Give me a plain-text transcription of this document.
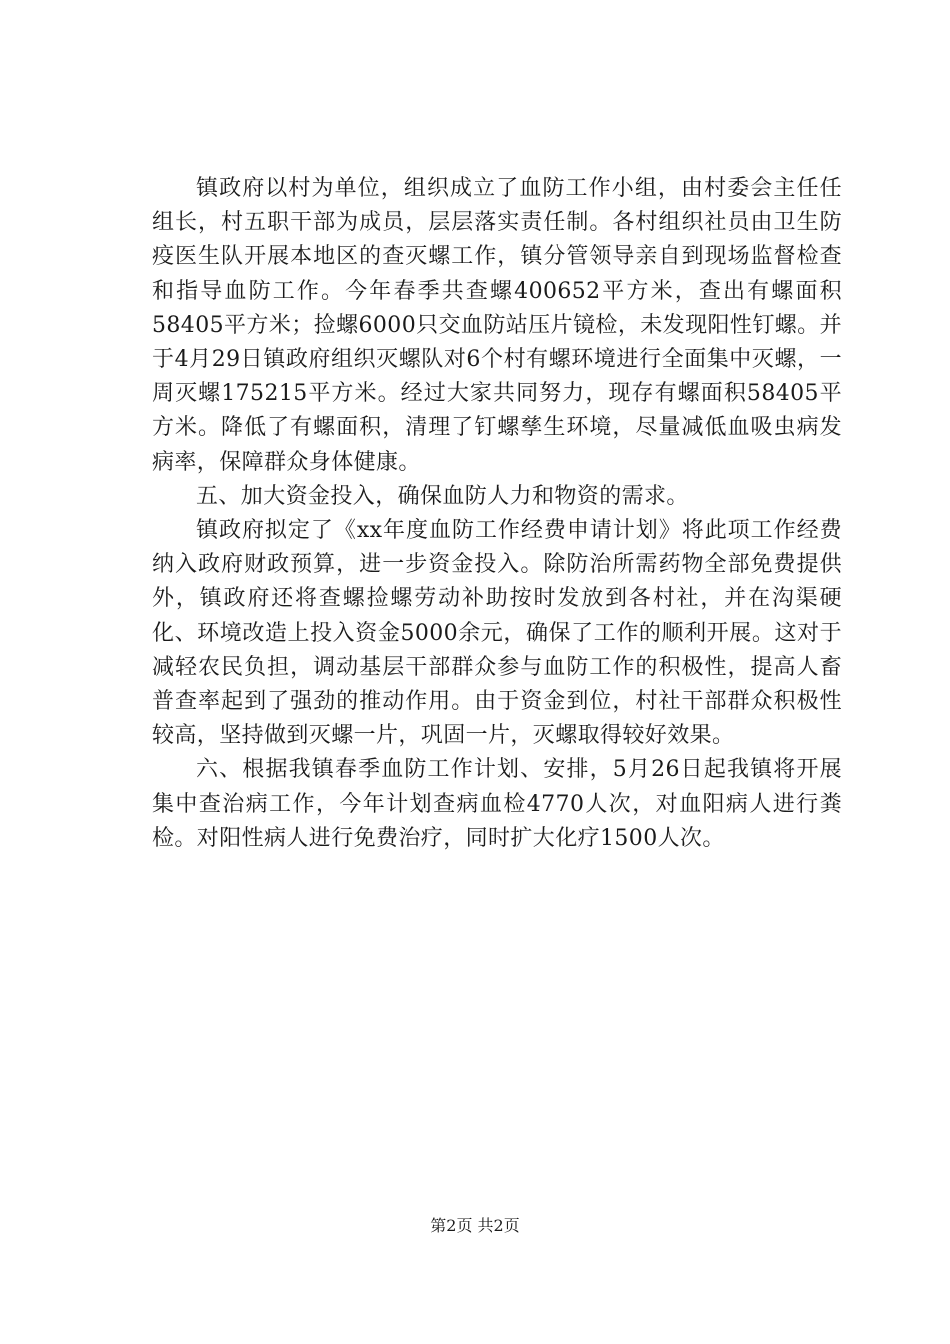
镇政府以村为单位，组织成立了血防工作小组，由村委会主任任组长，村五职干部为成员，层层落实责任制。各村组织社员由卫生防疫医生队开展本地区的查灭螺工作，镇分管领导亲自到现场监督检查和指导血防工作。今年春季共查螺400652平方米，查出有螺面积58405平方米；捡螺6000只交血防站压片镜检，未发现阳性钉螺。并于4月29日镇政府组织灭螺队对6个村有螺环境进行全面集中灭螺，一周灭螺175215平方米。经过大家共同努力，现存有螺面积58405平方米。降低了有螺面积，清理了钉螺孳生环境，尽量减低血吸虫病发病率，保障群众身体健康。

五、加大资金投入，确保血防人力和物资的需求。

镇政府拟定了《xx年度血防工作经费申请计划》将此项工作经费纳入政府财政预算，进一步资金投入。除防治所需药物全部免费提供外，镇政府还将查螺捡螺劳动补助按时发放到各村社，并在沟渠硬化、环境改造上投入资金5000余元，确保了工作的顺利开展。这对于减轻农民负担，调动基层干部群众参与血防工作的积极性，提高人畜普查率起到了强劲的推动作用。由于资金到位，村社干部群众积极性较高，坚持做到灭螺一片，巩固一片，灭螺取得较好效果。

六、根据我镇春季血防工作计划、安排，5月26日起我镇将开展集中查治病工作，今年计划查病血检4770人次，对血阳病人进行粪检。对阳性病人进行免费治疗，同时扩大化疗1500人次。

第2页 共2页
